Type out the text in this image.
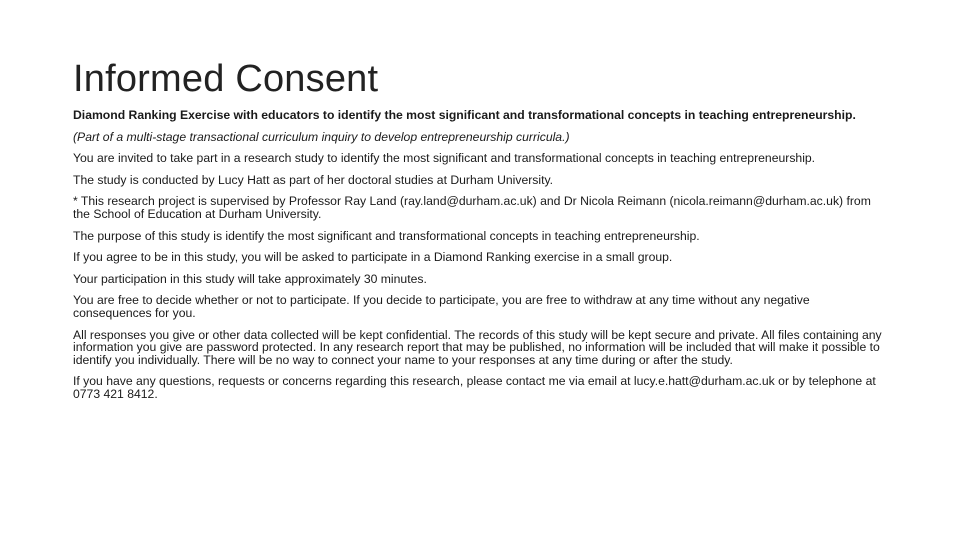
Informed Consent

Diamond Ranking Exercise with educators to identify the most significant and transformational concepts in teaching entrepreneurship.

(Part of a multi-stage transactional curriculum inquiry to develop entrepreneurship curricula.)

You are invited to take part in a research study to identify the most significant and transformational concepts in teaching entrepreneurship.

The study is conducted by Lucy Hatt as part of her doctoral studies at Durham University.

* This research project is supervised by Professor Ray Land (ray.land@durham.ac.uk) and Dr Nicola Reimann (nicola.reimann@durham.ac.uk) from the School of Education at Durham University.

The purpose of this study is identify the most significant and transformational concepts in teaching entrepreneurship.

If you agree to be in this study, you will be asked to participate in a Diamond Ranking exercise in a small group.

Your participation in this study will take approximately 30 minutes.

You are free to decide whether or not to participate. If you decide to participate, you are free to withdraw at any time without any negative consequences for you.

All responses you give or other data collected will be kept confidential. The records of this study will be kept secure and private. All files containing any information you give are password protected. In any research report that may be published, no information will be included that will make it possible to identify you individually. There will be no way to connect your name to your responses at any time during or after the study.

If you have any questions, requests or concerns regarding this research, please contact me via email at lucy.e.hatt@durham.ac.uk or by telephone at 0773 421 8412.
